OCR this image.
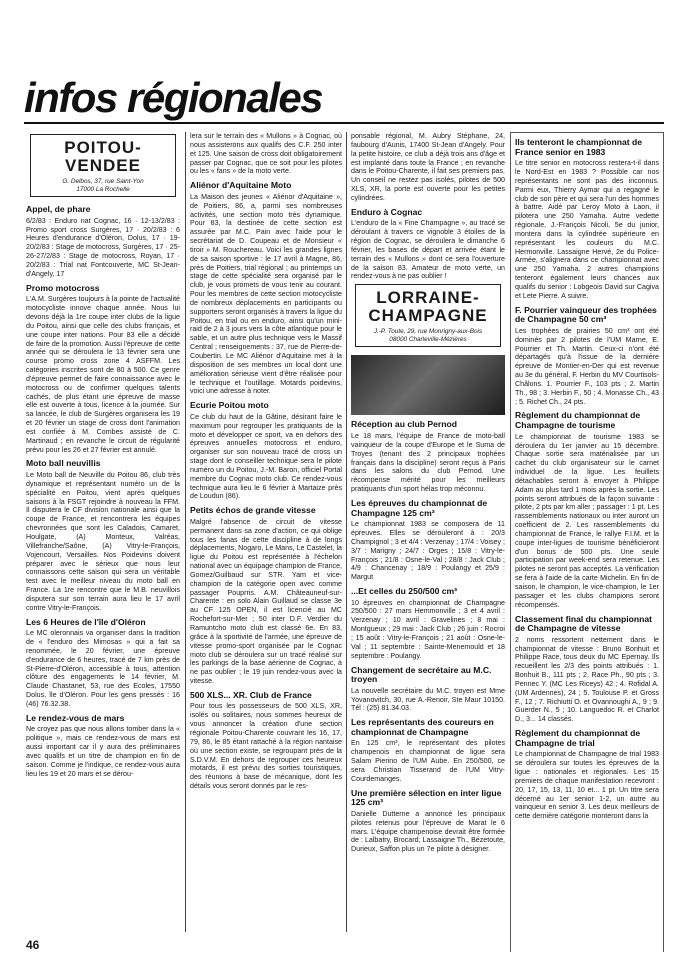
infos régionales
POITOU-
VENDEE
G. Delbos, 37, rue Saint-Yon
17000 La Rochelle
Appel, de phare

6/2/83 : Enduro nat Cognac, 16 · 12-13/2/83 : Promo sport cross Surgères, 17 · 20/2/83 : 6 Heures d'endurance d'Oléron, Dolus, 17 · 19-20/2/83 : Stage de motocross, Surgères, 17 · 25-26-27/2/83 : Stage de motocross, Royan, 17 · 20/2/83 : Trial nat Fontcouverte, MC St-Jean-d'Angely, 17

Promo motocross

L'A.M. Surgères toujours à la pointe de l'actualité motocycliste innove chaque année. Nous lui devons déjà la 1re coupe inter clubs de la ligue du Poitou, ainsi que celle des clubs français, et une coupe inter nations. Pour 83 elle a décidé de faire de la promotion. Aussi l'épreuve de cette année qui se déroulera le 13 février sera une course promo cross zone 4 ASFFM. Les catégories inscrites sont de 80 à 500. Ce genre d'épreuve permet de faire connaissance avec le motocross ou de confirmer quelques talents cachés, de plus étant une épreuve de masse elle est ouverte à tous, licence à la journée. Sur sa lancée, le club de Surgères organisera les 19 et 20 février un stage de cross dont l'animation est confiée à M. Combes assisté de C. Martinaud ; en revanche le circuit de régularité prévu pour les 26 et 27 février est annulé.

Moto ball neuvillis

Le Moto ball de Neuville du Poitou 86, club très dynamique et représentant numéro un de la spécialité en Poitou, vient après quelques saisons à la FSGT rejoindre à nouveau la FFM. Il disputera le CF division nationale ainsi que la coupe de France, et rencontrera les équipes chevronnées que sont les Caladois, Camaret, Houlgate, (A) Monteux, Valréas, Villefranche/Saône, (A) Vitry-le-François, Vojencourt, Versailles. Nos Poidevins doivent préparer avec le sérieux que nous leur connaissons cette saison qui sera un véritable test avec le meilleur niveau du moto ball en France. La 1re rencontre que le M.B. neuvillois disputera sur son terrain aura lieu le 17 avril contre Vitry-le-François.

Les 6 Heures de l'île d'Oléron

Le MC oleronnais va organiser dans la tradition de « l'enduro des Mimosas » qui a fait sa renommée, le 20 février, une épreuve d'endurance de 6 heures, tracé de 7 km près de St-Pierre-d'Oléron, accessible à tous, attention clôture des engagements le 14 février, M. Claude Chastanet, 53, rue des Ecoles, 17550 Dolus, île d'Oléron. Pour les gens pressés : 16 (46) 76.32.38.

Le rendez-vous de mars

Ne croyez pas que nous allons tomber dans la « politique », mais ce rendez-vous de mars est aussi important car il y aura des préliminaires avec qualifs et un titre de champion en fin de saison. Comme je l'indique, ce rendez-vous aura lieu les 19 et 20 mars et se dérou-

lera sur le terrain des « Mullons » à Cognac, où nous assisterons aux qualifs des C.F. 250 inter et 125. Une saison de cross doit obligatoirement passer par Cognac, que ce soit pour les pilotes ou les « fans » de la moto verte.

Aliénor d'Aquitaine Moto

La Maison des jeunes « Aliénor d'Aquitaine », de Poitiers, 86, a, parmi ses nombreuses activités, une section moto très dynamique. Pour 83, la destinée de cette section est assurée par M.C. Pain avec l'aide pour le secrétariat de D. Coupeau et de Monsieur « tiroir » M. Rouchereau. Voici les grandes lignes de sa saison sportive : le 17 avril à Magne, 86, près de Poitiers, trial régional ; au printemps un stage de cette spécialité sera organisé par le club, je vous promets de vous tenir au courant. Pour les membres de cette section motocycliste de nombreux déplacements en participants ou supporters seront organisés à travers la ligue du Poitou, en trial ou en enduro, ainsi qu'un mini-raid de 2 à 3 jours vers la côte atlantique pour le sable, et un autre plus technique vers le Massif Central ; renseignements : 37, rue de Pierre-de-Coubertin. Le MC Aliénor d'Aquitaine met à la disposition de ses membres un local dont une amélioration sérieuse vient d'être réalisée pour le technique et l'outillage. Motards poidevins, voici une adresse à noter.

Ecurie Poitou moto

Ce club du haut de la Gâtine, désirant faire le maximum pour regrouper les pratiquants de la moto et développer ce sport, va en dehors des épreuves annuelles motocross et enduro, organiser sur son nouveau tracé de cross un stage dont le conseiller technique sera le pilote numéro un du Poitou, J.-M. Baron, officiel Portal membre du Cognac moto club. Ce rendez-vous technique aura lieu le 6 février à Martaize près de Loudun (86).

Petits échos de grande vitesse

Malgré l'absence de circuit de vitesse permanent dans sa zone d'action, ce qui oblige tous les fanas de cette discipline à de longs déplacements, Nogaro, Le Mans, Le Castelet, la ligue du Poitou est représentée à l'échelon national avec un équipage champion de France, Gomez/Guilbaud sur STR. Yam et vice-champion de la catégorie open avec comme passager Pouprris. A.M. Châteauneuf-sur-Charente : en solo Alain Guillaud se classe 3e au CF 125 OPEN, il est licencié au MC Rochefort-sur-Mer ; 50 inter D.F. Verdier du Ramuntcho moto club est classé 6e. En 83, grâce à la sportivité de l'armée, une épreuve de vitesse promo-sport organisée par le Cognac moto club se déroulera sur un tracé réalisé sur les parkings de la base aérienne de Cognac, à ne pas oublier ; le 19 juin rendez-vous avec la vitesse.

500 XLS... XR. Club de France

Pour tous les possesseurs de 500 XLS, XR, isolés ou solitaires, nous sommes heureux de vous annoncer la création d'une section régionale Poitou-Charente couvrant les 16, 17, 79, 86, le 85 étant rattaché à la région nantaise où une section existe, se regroupant près de la S.D.V.M. En dehors de regrouper ces heureux motards, il est prévu des sorties touristiques, des réunions à base de mécanique, dont les détails vous seront donnés par le res-

ponsable régional, M. Aubry Stéphane, 24, faubourg d'Aunis, 17400 St-Jean d'Angely. Pour la petite histoire, ce club a déjà trois ans d'âge et est implanté dans toute la France ; en revanche dans le Poitou-Charente, il fait ses premiers pas. Un conseil ne restez pas isolés, pilotes de 500 XLS, XR, la porte est ouverte pour les petites cylindrées.

Enduro à Cognac

L'enduro de la « Fine Champagne », au tracé se déroulant à travers ce vignoble 3 étoiles de la région de Cognac, se déroulera le dimanche 6 février, les bases de départ et arrivée étant le terrain des « Mullons » dont ce sera l'ouverture de la saison 83. Amateur de moto verte, un rendez-vous à ne pas oublier !

LORRAINE-
CHAMPAGNE
J.-P. Toute, 29, rue Monrigny-aux-Bois
08000 Charleville-Mézières
Réception au club Pernod

Le 18 mars, l'équipe de France de moto-ball vainqueur de la coupe d'Europe et le Suma de Troyes (tenant des 2 principaux trophées français dans la discipline) seront reçus à Paris dans les salons du club Pernod. Une récompense mérité pour les meilleurs pratiquants d'un sport hélas trop méconnu.

Les épreuves du championnat de Champagne 125 cm³

Le championnat 1983 se composera de 11 épreuves. Elles se dérouleront à : 20/3 Champignol ; 3 et 4/4 : Verzenay ; 17/4 : Voisey ; 3/7 : Marigny ; 24/7 : Orges ; 15/8 : Vitry-le-François ; 21/8 : Osne-le-Val ; 28/8 : Jack Club ; 4/9 : Chancenay ; 18/9 : Poulangy et 25/9 : Margut

...Et celles du 250/500 cm³

10 épreuves en championnat de Champagne 250/500 : 27 mars Hemmonville ; 3 et 4 avril : Verzenay ; 10 avril : Gravelines ; 8 mai : Montgueux ; 29 mai : Jack Club ; 26 juin : Rocroi ; 15 août : Vitry-le-François ; 21 août : Osne-le-Val ; 11 septembre : Sainte-Menemould et 18 septembre : Poulangy.

Changement de secrétaire au M.C. troyen

La nouvelle secrétaire du M.C. troyen est Mme Yovanovitch, 30, rue A.-Renoir, Ste Maur 10150. Tél : (25) 81.34.03.

Les représentants des coureurs en championnat de Champagne

En 125 cm³, le représentant des pilotes champenois en championnat de ligue sera Salam Pierino de l'UM Aube. En 250/500, ce sera Christian Tisserand de l'UM Vitry-Courdemanges.

Une première sélection en inter ligue 125 cm³

Danielle Dutterne a annoncé les principaux pilotes retenus pour l'épreuve de Marat le 6 mars. L'équipe champenoise devrait être formée de : Lalbatry, Brocard, Lassaigne Th., Bézetoute, Durieux, Saffon plus un 7e pilote à désigner.

Ils tenteront le championnat de France senior en 1983

Le titre senior en motocross restera-t-il dans le Nord-Est en 1983 ? Possible car nos représentants ne sont pas des inconnus. Parmi eux, Thierry Aymar qui a regagné le club de son père et qui sera l'un des hommes à battre. Aidé par Leroy Moto à Laon, il pilotera une 250 Yamaha. Autre vedette régionale, J.-François Nicoli, 5e du junior, montera dans la cylindrée supérieure en représentant les couleurs du M.C. Hermonville. Lassaigne Hervé, 2e du Police-Armée, s'alignera dans ce championnat avec une 250 Yamaha. 2 autres champions tenteront également leurs chances aux qualifs du senior : Lobgeois David sur Cagiva et Lete Pierre. A suivre.

F. Pourrier vainqueur des trophées de Champagne 50 cm³

Les trophées de prairies 50 cm³ ont été dominés par 2 pilotes de l'UM Marne, E. Pourrier et Th. Martin. Ceux-ci n'ont été départagés qu'à l'issue de la dernière épreuve de Montier-en-Der qui est revenue au 3e du général, F. Herbin du MV Courtisols-Châlons. 1. Pourrier F., 103 pts ; 2. Martin Th., 98 ; 3. Herbin F., 50 ; 4. Monasse Ch., 43 ; 5. Richet Ch., 24 pts.

Règlement du championnat de Champagne de tourisme

Le championnat de tourisme 1983 se déroulera du 1er janvier au 15 décembre. Chaque sortie sera matérialisée par un cachet du club organisateur sur le carnet individuel de la ligue. Les feuillets détachables seront à envoyer à Philippe Adam au plus tard 1 mois après la sortie. Les points seront attribués de la façon suivante : pilote, 2 pts par km aller ; passager : 1 pt. Les rassemblements nationaux ou inter auront un coefficient de 2. Les rassemblements du championnat de France, le rallye F.I.M. et la coupe inter-ligues de tourisme bénéficieront d'un bonus de 500 pts. Une seule participation par week-end sera retenue. Les pilotes ne seront pas acceptés. La vérification se fera à l'aide de la carte Michelin. En fin de saison, le champion, le vice-champion, le 1er passager et les clubs champions seront récompensés.

Classement final du championnat de Champagne de vitesse

2 noms ressortent nettement dans le championnat de vitesse : Bruno Bonhuit et Philippe Race, tous deux du MC Epernay. Ils recueillent les 2/3 des points attribués : 1. Bonhuit B., 111 pts ; 2. Race Ph., 90 pts ; 3. Pennec Y. (MC Les Riceys) 42 ; 4. Rofidal A. (UM Ardennes), 24 ; 5. Toulouse P. et Gross F., 12 ; 7. Richiutti O. et Ovannoughi A., 9 ; 9. Guerder N., 5 ; 10. Languedoc R. et Charlot D., 3... 14 classés.

Règlement du championnat de Champagne de trial

Le championnat de Champagne de trial 1983 se déroulera sur toutes les épreuves de la ligue : nationales et régionales. Les 15 premiers de chaque manifestation recevront : 20, 17, 15, 13, 11, 10 et... 1 pt. Un titre sera décerné au 1er senior 1-2, un autre au vainqueur en senior 3. Les deux meilleurs de cette dernière catégorie monteront dans la

46
